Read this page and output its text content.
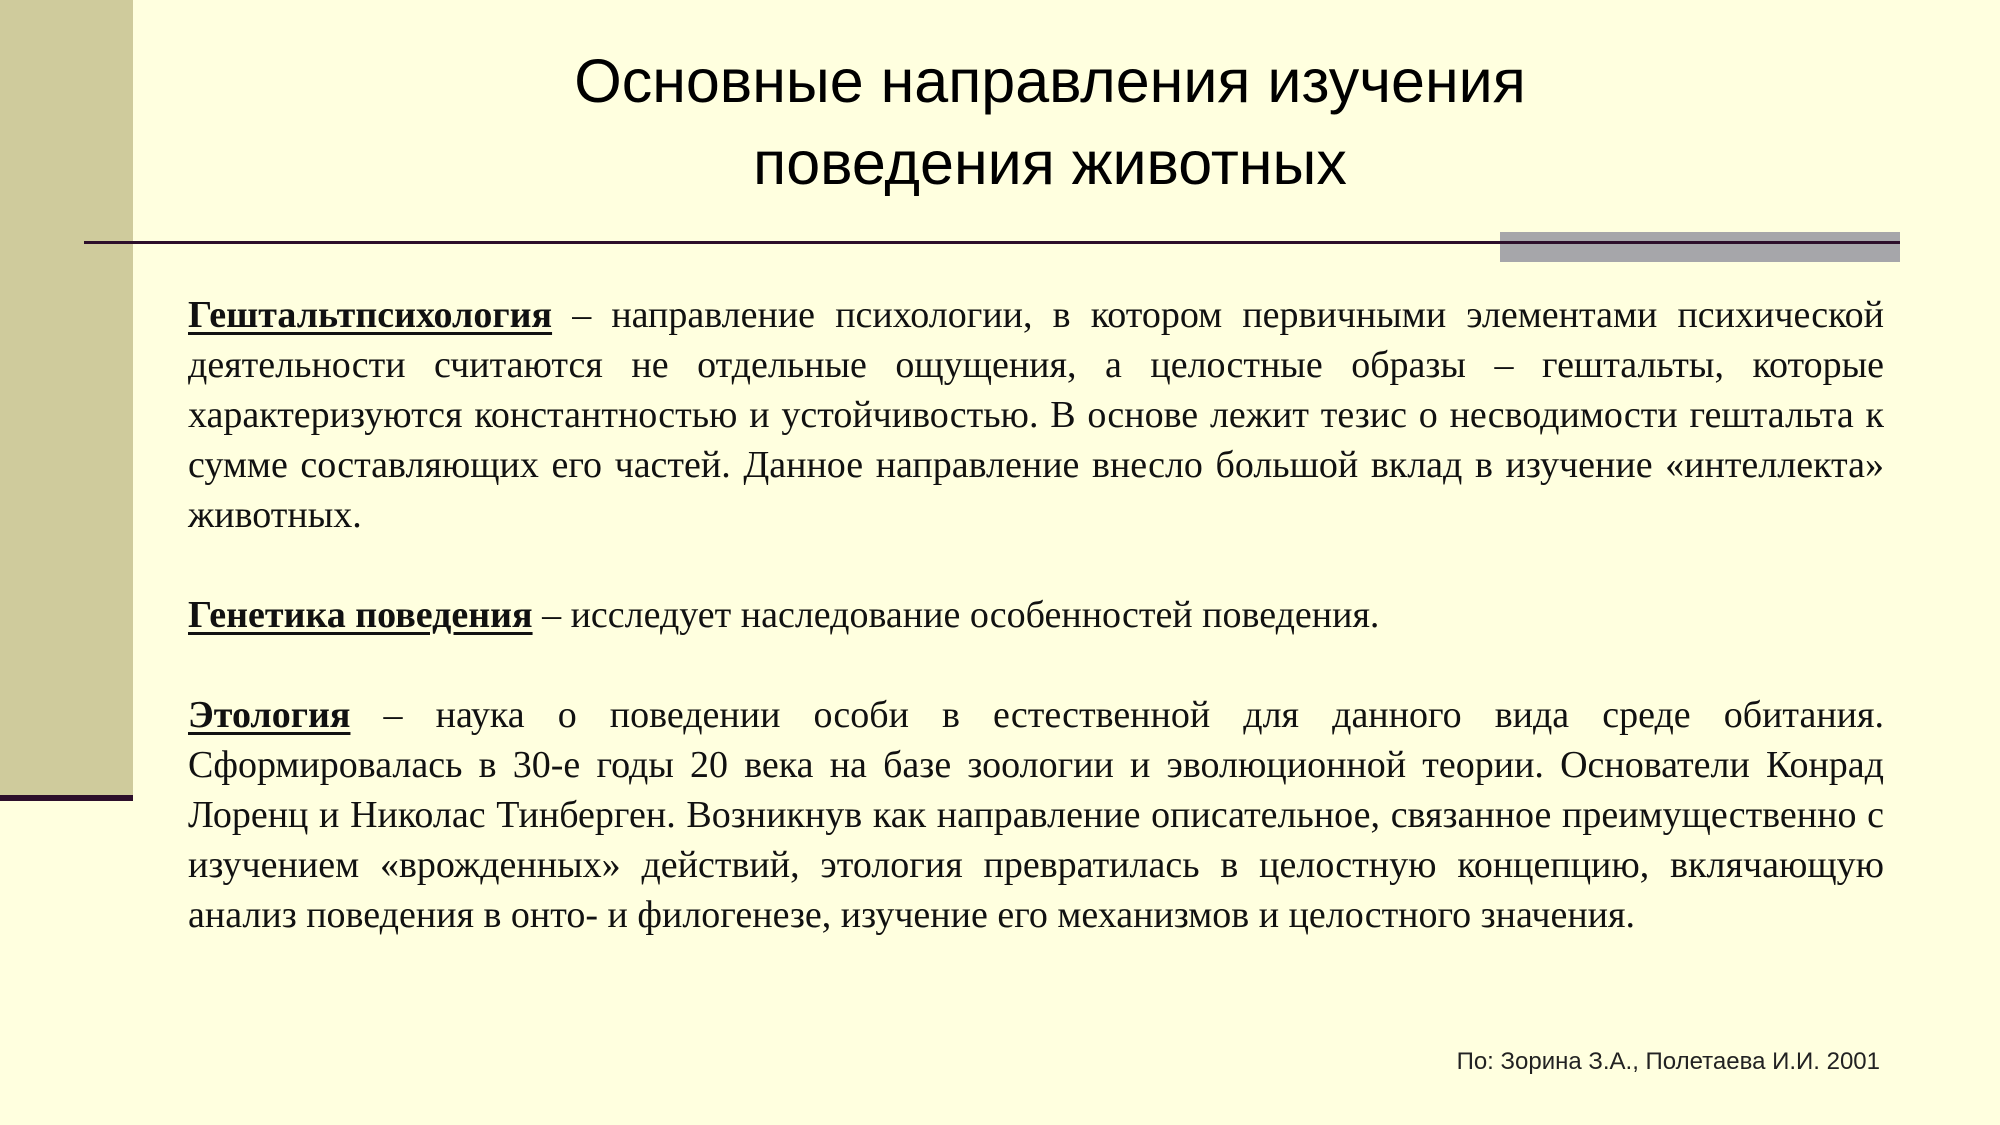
Основные направления изучения
поведения животных

Гештальтпсихология – направление психологии, в котором первичными элементами психической деятельности считаются не отдельные ощущения, а целостные образы – гештальты, которые характеризуются константностью и устойчивостью. В основе лежит тезис о несводимости гештальта к сумме составляющих его частей. Данное направление внесло большой вклад в изучение «интеллекта» животных.

Генетика поведения – исследует наследование особенностей поведения.

Этология – наука о поведении особи в естественной для данного вида среде обитания. Сформировалась в 30-е годы 20 века на базе зоологии и эволюционной теории. Основатели Конрад Лоренц и Николас Тинберген. Возникнув как направление описательное, связанное преимущественно с изучением «врожденных» действий, этология превратилась в целостную концепцию, вклячающую анализ поведения в онто- и филогенезе, изучение его механизмов и целостного значения.

По: Зорина З.А., Полетаева И.И. 2001
